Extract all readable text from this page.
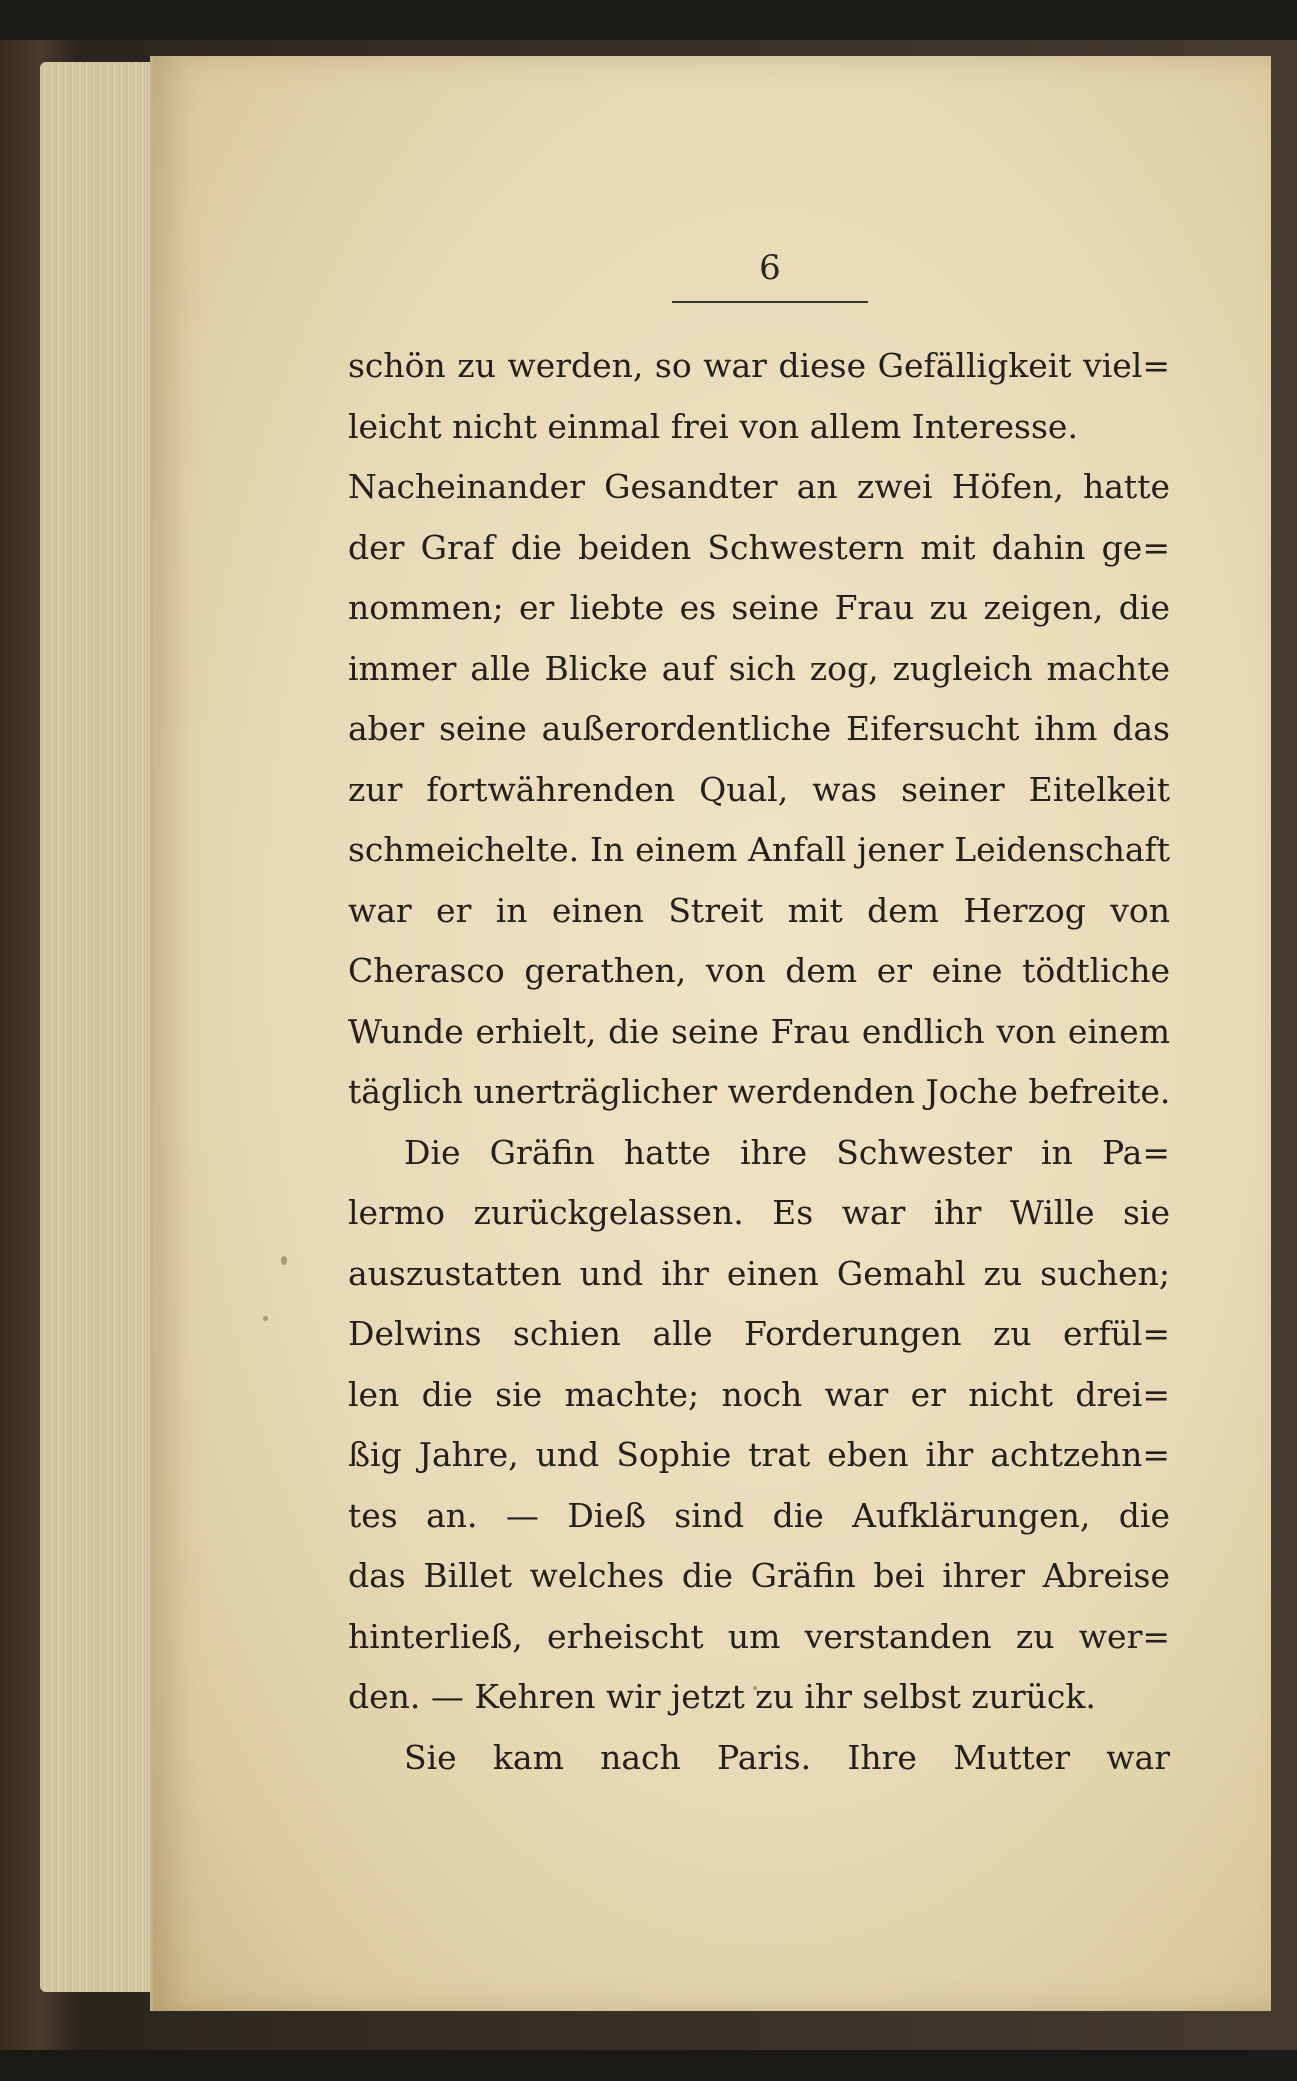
6
schön zu werden, so war diese Gefälligkeit viel=
leicht nicht einmal frei von allem Interesse.
Nacheinander Gesandter an zwei Höfen, hatte
der Graf die beiden Schwestern mit dahin ge=
nommen; er liebte es seine Frau zu zeigen, die
immer alle Blicke auf sich zog, zugleich machte
aber seine außerordentliche Eifersucht ihm das
zur fortwährenden Qual, was seiner Eitelkeit
schmeichelte. In einem Anfall jener Leidenschaft
war er in einen Streit mit dem Herzog von
Cherasco gerathen, von dem er eine tödtliche
Wunde erhielt, die seine Frau endlich von einem
täglich unerträglicher werdenden Joche befreite.
Die Gräfin hatte ihre Schwester in Pa=
lermo zurückgelassen. Es war ihr Wille sie
auszustatten und ihr einen Gemahl zu suchen;
Delwins schien alle Forderungen zu erfül=
len die sie machte; noch war er nicht drei=
ßig Jahre, und Sophie trat eben ihr achtzehn=
tes an. — Dieß sind die Aufklärungen, die
das Billet welches die Gräfin bei ihrer Abreise
hinterließ, erheischt um verstanden zu wer=
den. — Kehren wir jetzt zu ihr selbst zurück.
Sie kam nach Paris. Ihre Mutter war
